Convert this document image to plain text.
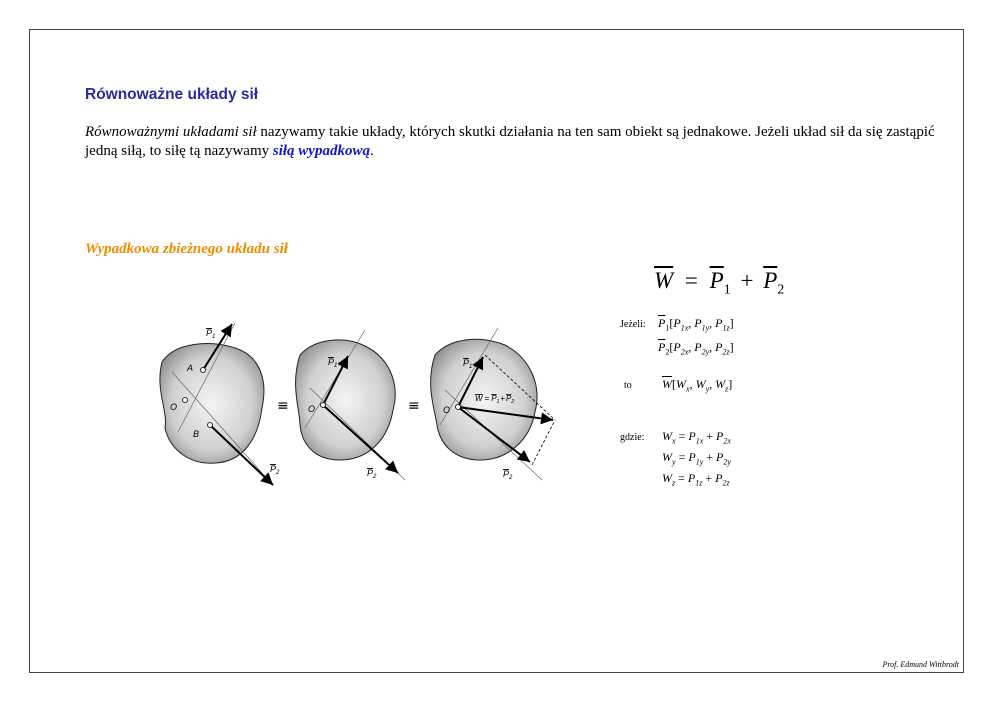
Równoważne układy sił
Równoważnymi układami sił nazywamy takie układy, których skutki działania na ten sam obiekt są jednakowe. Jeżeli układ sił da się zastąpić jedną siłą, to siłę tą nazywamy siłą wypadkową.
Wypadkowa zbieżnego układu sił
$\overline{W} = \overline{P}_1 + \overline{P}_2$
Jeżeli: $\overline{P}_1[P_{1x}$, $P_{1y}$, $P_{1z}$]
$\overline{P}_2[P_{2x}$, $P_{2y}$, $P_{2z}$]
to	$\overline{W}[W_x$, $W_y$, $W_z$]
gdzie: $W_x = P_{1x} + P_{2x}$
$W_y = P_{1y} + P_{2y}$
$W_z = P_{1z} + P_{2z}$
$P_1$
A
O
B
$P_2$
≡
$P_1$
O
$P_2$
≡
$P_1$
O
$W = P_1+P_2$
$P_2$
Prof. Edmund Wittbrodt
